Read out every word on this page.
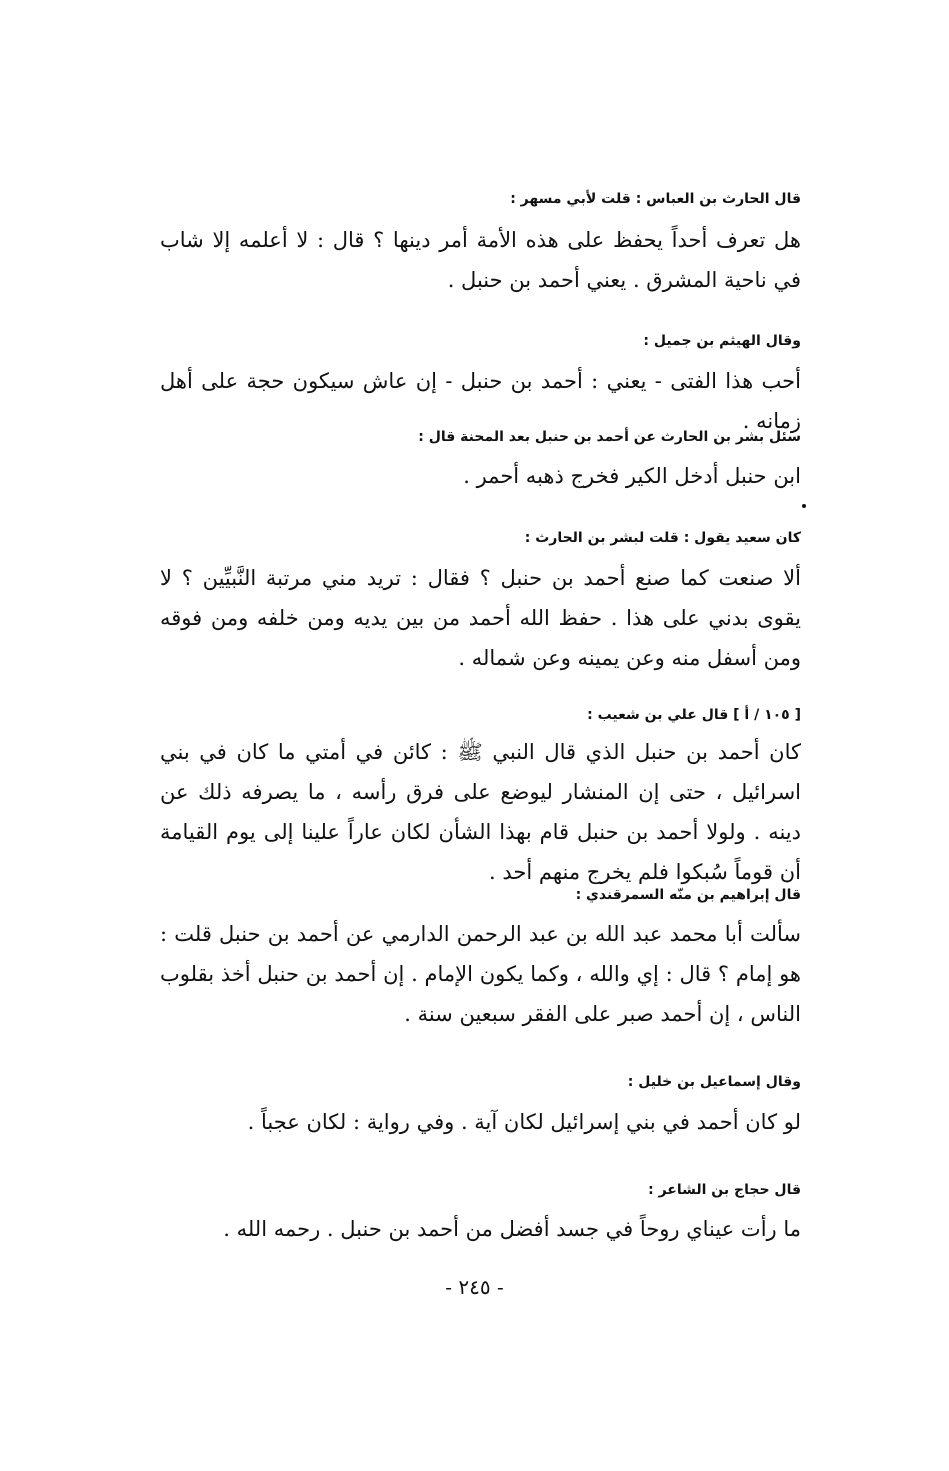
قال الحارث بن العباس : قلت لأبي مسهر :
هل تعرف أحداً يحفظ على هذه الأمة أمر دينها ؟ قال : لا أعلمه إلا شاب في ناحية المشرق . يعني أحمد بن حنبل .
وقال الهيثم بن جميل :
أحب هذا الفتى - يعني : أحمد بن حنبل - إن عاش سيكون حجة على أهل زمانه .
سئل بشر بن الحارث عن أحمد بن حنبل بعد المحنة قال :
ابن حنبل أدخل الكير فخرج ذهبه أحمر .
كان سعيد يقول : قلت لبشر بن الحارث :
ألا صنعت كما صنع أحمد بن حنبل ؟ فقال : تريد مني مرتبة النَّبيِّين ؟ لا يقوى بدني على هذا . حفظ الله أحمد من بين يديه ومن خلفه ومن فوقه ومن أسفل منه وعن يمينه وعن شماله .
[ ١٠٥ / أ ] قال علي بن شعيب :
كان أحمد بن حنبل الذي قال النبي ﷺ : كائن في أمتي ما كان في بني اسرائيل ، حتى إن المنشار ليوضع على فرق رأسه ، ما يصرفه ذلك عن دينه . ولولا أحمد بن حنبل قام بهذا الشأن لكان عاراً علينا إلى يوم القيامة أن قوماً سُبكوا فلم يخرج منهم أحد .
قال إبراهيم بن منّه السمرقندي :
سألت أبا محمد عبد الله بن عبد الرحمن الدارمي عن أحمد بن حنبل قلت : هو إمام ؟ قال : إي والله ، وكما يكون الإمام . إن أحمد بن حنبل أخذ بقلوب الناس ، إن أحمد صبر على الفقر سبعين سنة .
وقال إسماعيل بن خليل :
لو كان أحمد في بني إسرائيل لكان آية . وفي رواية : لكان عجباً .
قال حجاج بن الشاعر :
ما رأت عيناي روحاً في جسد أفضل من أحمد بن حنبل . رحمه الله .
- ٢٤٥ -
